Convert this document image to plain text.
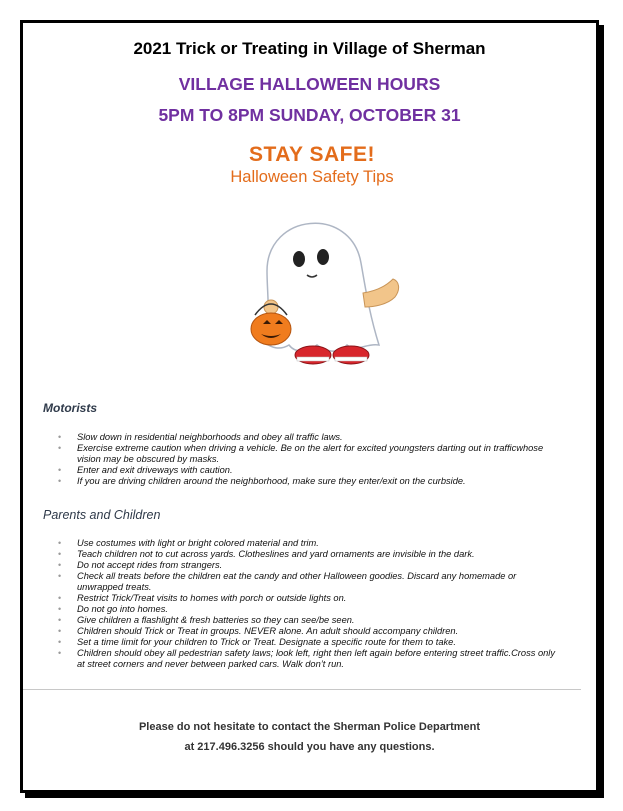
2021 Trick or Treating in Village of Sherman
VILLAGE HALLOWEEN HOURS
5PM TO 8PM SUNDAY, OCTOBER 31
STAY SAFE!
Halloween Safety Tips
Motorists
• Slow down in residential neighborhoods and obey all traffic laws.
• Exercise extreme caution when driving a vehicle. Be on the alert for excited youngsters darting out in trafficwhose vision may be obscured by masks.
• Enter and exit driveways with caution.
• If you are driving children around the neighborhood, make sure they enter/exit on the curbside.
Parents and Children
• Use costumes with light or bright colored material and trim.
• Teach children not to cut across yards. Clotheslines and yard ornaments are invisible in the dark.
• Do not accept rides from strangers.
• Check all treats before the children eat the candy and other Halloween goodies. Discard any homemade or unwrapped treats.
• Restrict Trick/Treat visits to homes with porch or outside lights on.
• Do not go into homes.
• Give children a flashlight & fresh batteries so they can see/be seen.
• Children should Trick or Treat in groups. NEVER alone. An adult should accompany children.
• Set a time limit for your children to Trick or Treat. Designate a specific route for them to take.
• Children should obey all pedestrian safety laws; look left, right then left again before entering street traffic.Cross only at street corners and never between parked cars. Walk don’t run.
Please do not hesitate to contact the Sherman Police Department
at 217.496.3256 should you have any questions.
